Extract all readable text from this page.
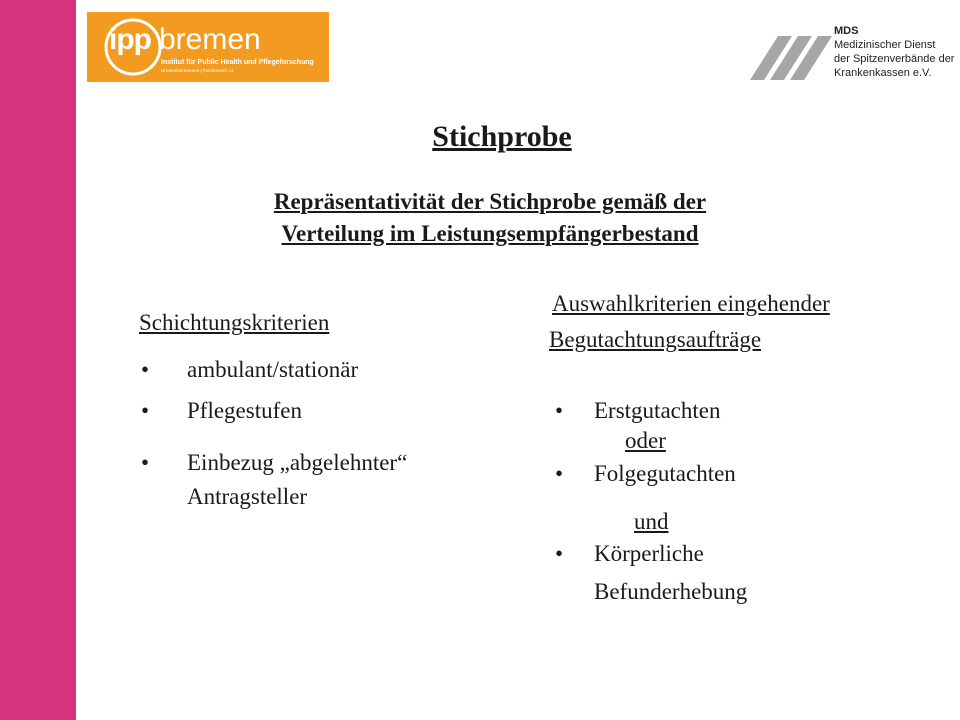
ipp bremen
Institut für Public Health und Pflegeforschung
Universität Bremen | Fachbereich 11
MDS
Medizinischer Dienst
der Spitzenverbände der
Krankenkassen e.V.
Stichprobe
Repräsentativität der Stichprobe gemäß der
Verteilung im Leistungsempfängerbestand
Schichtungskriterien
• ambulant/stationär
• Pflegestufen
• Einbezug „abgelehnter“
Antragsteller
Auswahlkriterien eingehender
Begutachtungsaufträge
• Erstgutachten
oder
• Folgegutachten
und
• Körperliche
Befunderhebung
